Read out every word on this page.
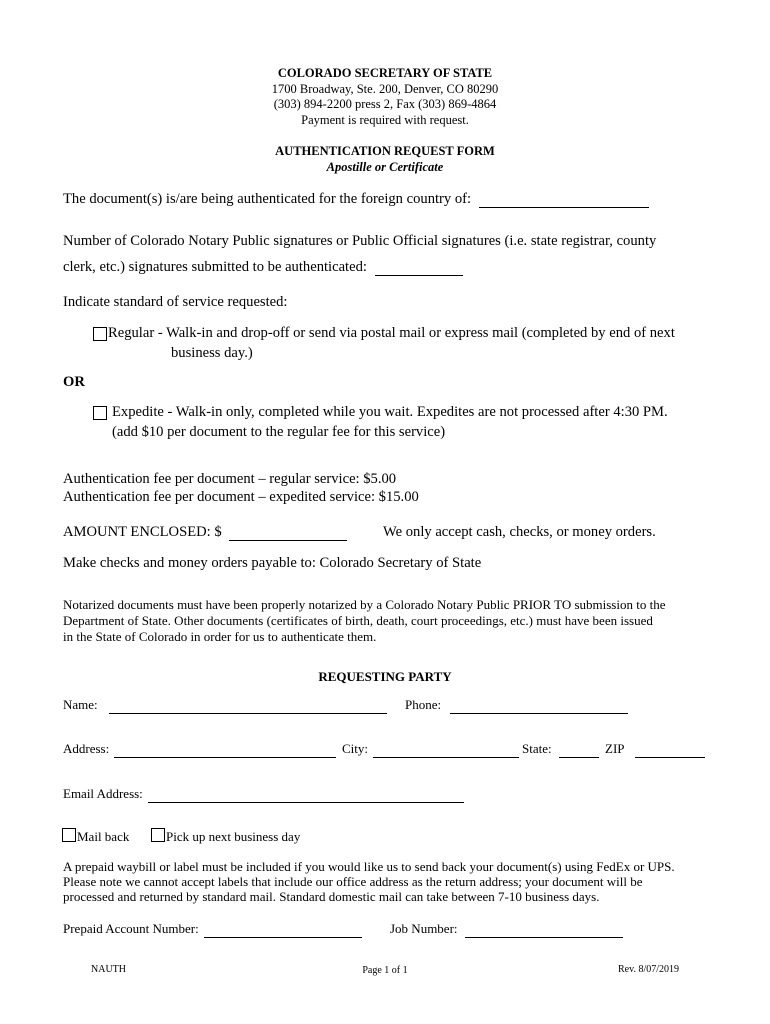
COLORADO SECRETARY OF STATE
1700 Broadway, Ste. 200, Denver, CO 80290
(303) 894-2200 press 2, Fax (303) 869-4864
Payment is required with request.
AUTHENTICATION REQUEST FORM
Apostille or Certificate
The document(s) is/are being authenticated for the foreign country of:
Number of Colorado Notary Public signatures or Public Official signatures (i.e. state registrar, county
clerk, etc.) signatures submitted to be authenticated:
Indicate standard of service requested:
Regular - Walk-in and drop-off or send via postal mail or express mail (completed by end of next
business day.)
OR
Expedite - Walk-in only, completed while you wait. Expedites are not processed after 4:30 PM.
(add $10 per document to the regular fee for this service)
Authentication fee per document – regular service: $5.00
Authentication fee per document – expedited service: $15.00
AMOUNT ENCLOSED: $	We only accept cash, checks, or money orders.
Make checks and money orders payable to: Colorado Secretary of State
Notarized documents must have been properly notarized by a Colorado Notary Public PRIOR TO submission to the
Department of State. Other documents (certificates of birth, death, court proceedings, etc.) must have been issued
in the State of Colorado in order for us to authenticate them.
REQUESTING PARTY
Name:	Phone:
Address:	City:	State:	ZIP
Email Address:
Mail back	Pick up next business day
A prepaid waybill or label must be included if you would like us to send back your document(s) using FedEx or UPS.
Please note we cannot accept labels that include our office address as the return address; your document will be
processed and returned by standard mail. Standard domestic mail can take between 7-10 business days.
Prepaid Account Number:	Job Number:
NAUTH	Page 1 of 1	Rev. 8/07/2019
